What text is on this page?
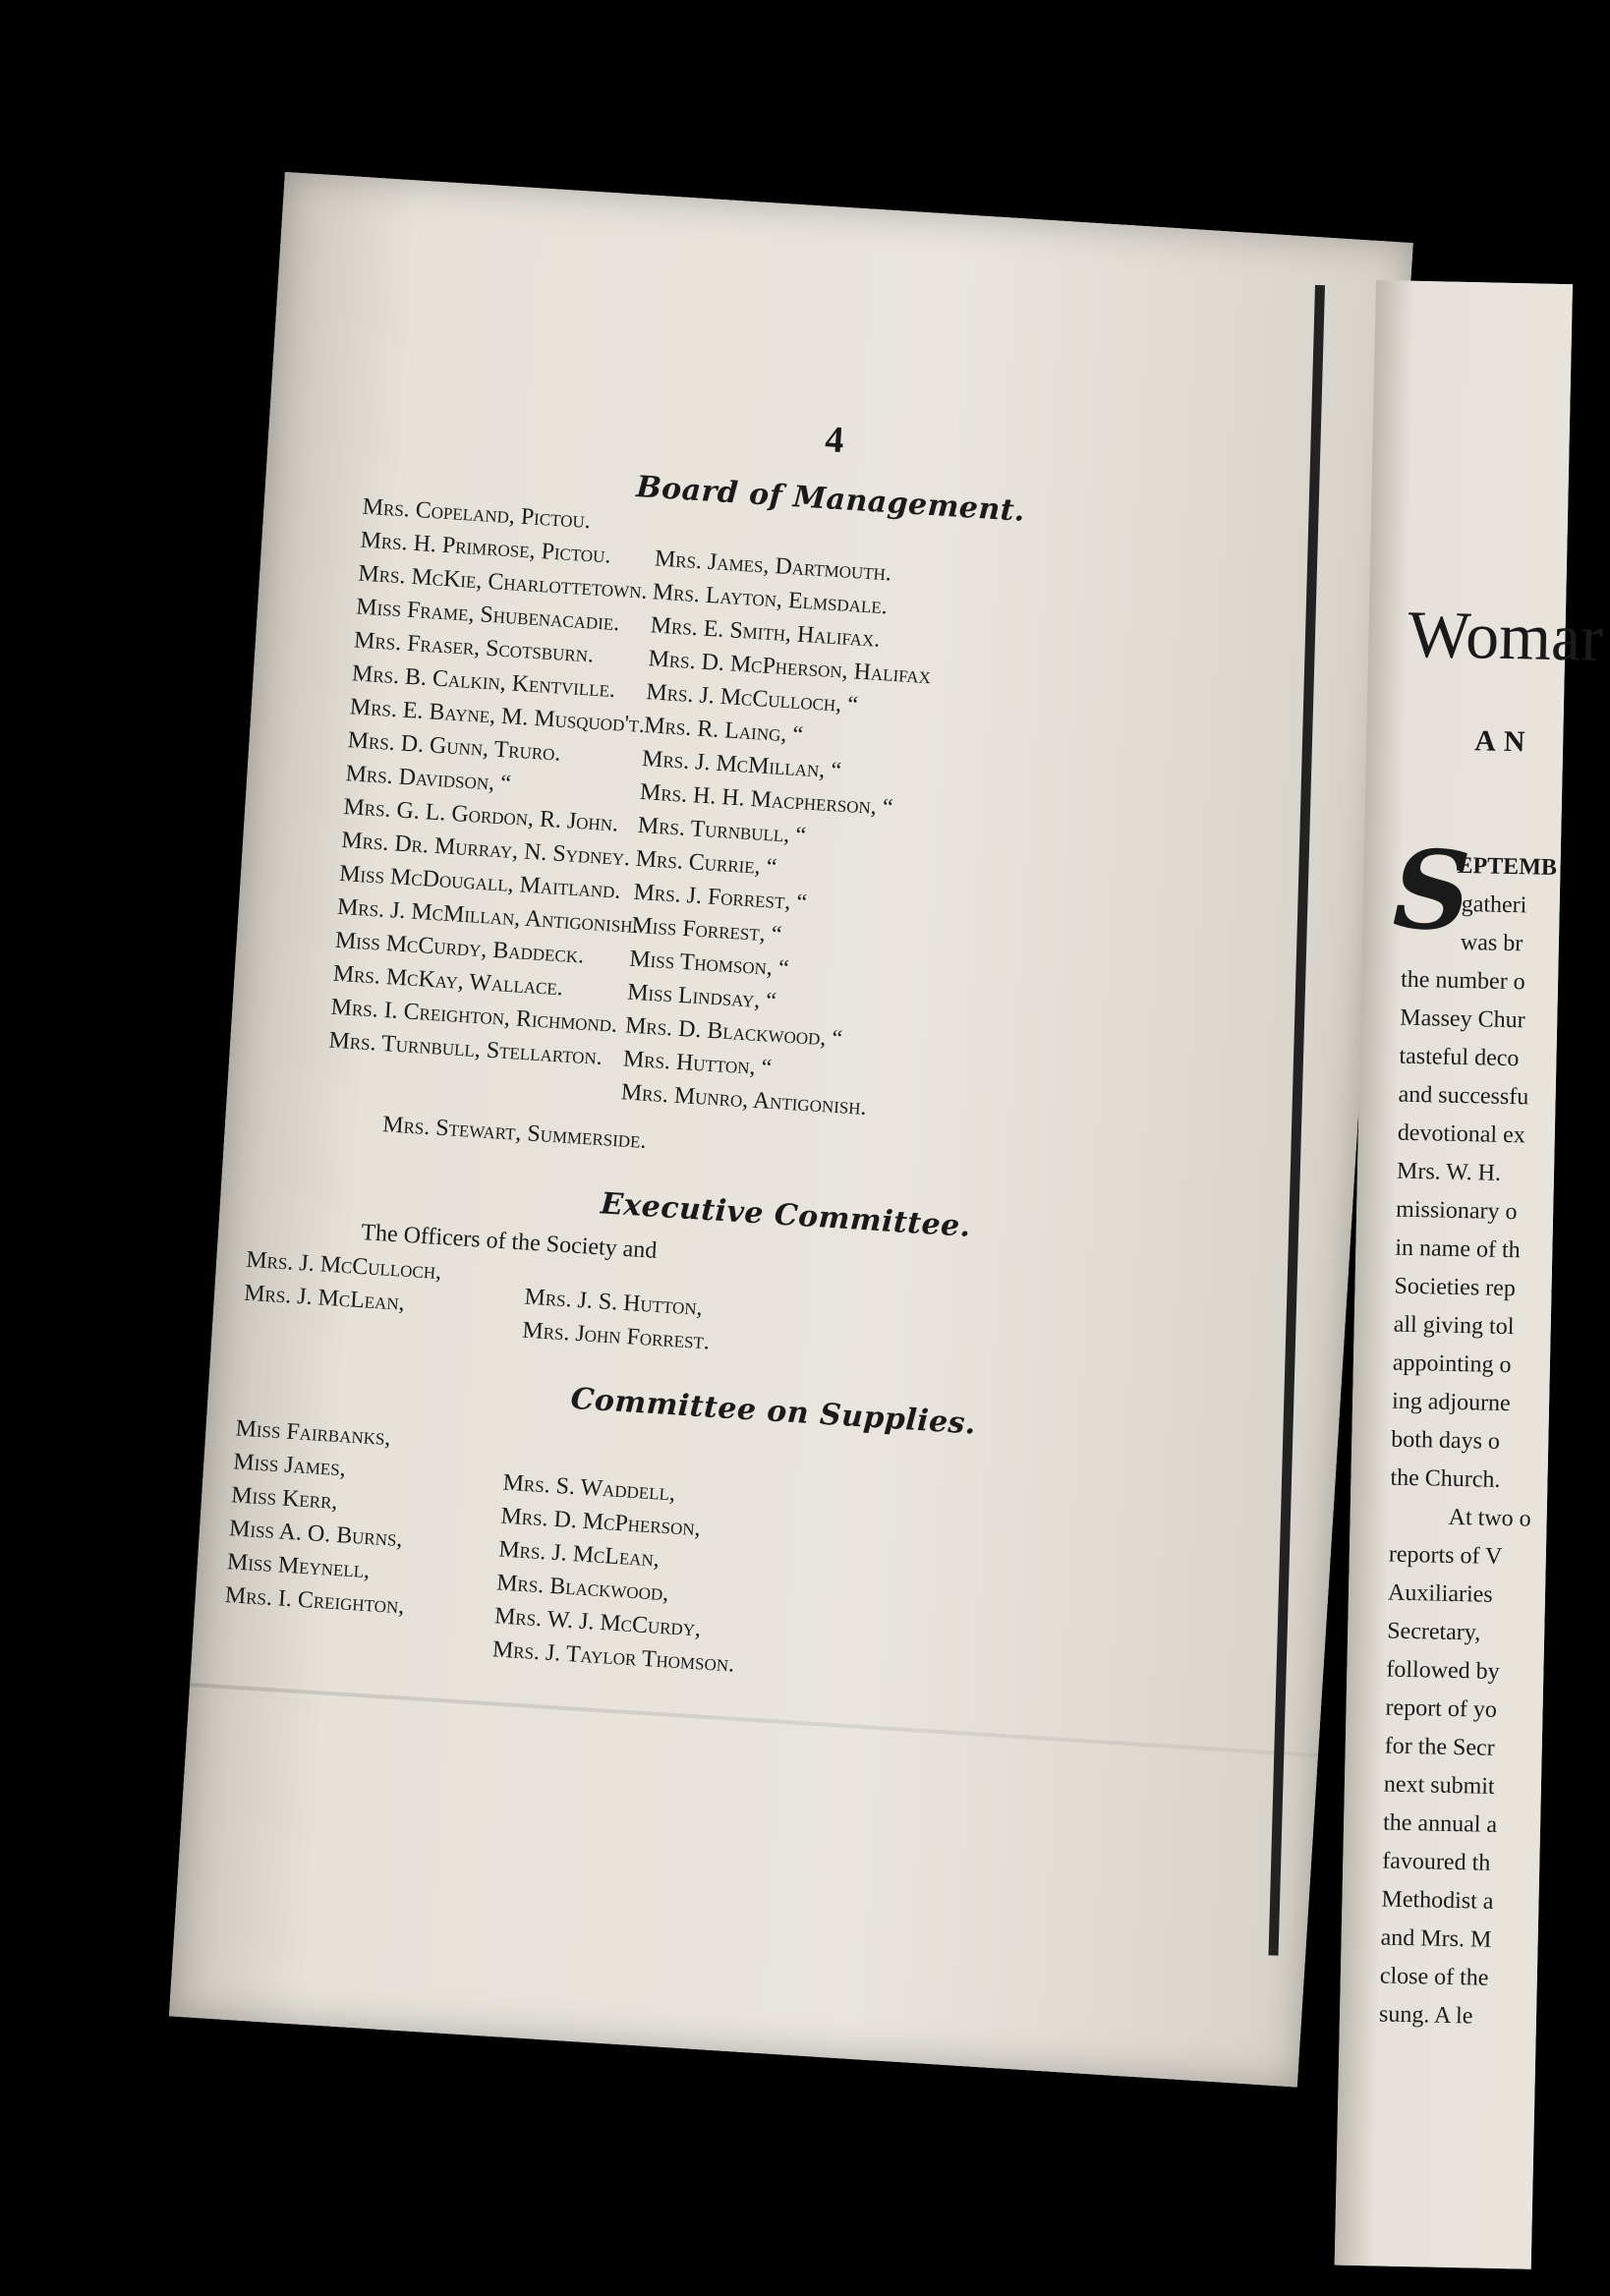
4
Board of Management.
Mrs. Copeland, Pictou.
Mrs. H. Primrose, Pictou.
Mrs. McKie, Charlottetown.
Miss Frame, Shubenacadie.
Mrs. Fraser, Scotsburn.
Mrs. B. Calkin, Kentville.
Mrs. E. Bayne, M. Musquod't.
Mrs. D. Gunn, Truro.
Mrs. Davidson, “
Mrs. G. L. Gordon, R. John.
Mrs. Dr. Murray, N. Sydney.
Miss McDougall, Maitland.
Mrs. J. McMillan, Antigonish.
Miss McCurdy, Baddeck.
Mrs. McKay, Wallace.
Mrs. I. Creighton, Richmond.
Mrs. Turnbull, Stellarton.
Mrs. James, Dartmouth.
Mrs. Layton, Elmsdale.
Mrs. E. Smith, Halifax.
Mrs. D. McPherson, Halifax
Mrs. J. McCulloch, “
Mrs. R. Laing, “
Mrs. J. McMillan, “
Mrs. H. H. Macpherson, “
Mrs. Turnbull, “
Mrs. Currie, “
Mrs. J. Forrest, “
Miss Forrest, “
Miss Thomson, “
Miss Lindsay, “
Mrs. D. Blackwood, “
Mrs. Hutton, “
Mrs. Munro, Antigonish.
Mrs. Stewart, Summerside.
Executive Committee.
The Officers of the Society and
Mrs. J. McCulloch,
Mrs. J. McLean,	Mrs. J. S. Hutton,
Mrs. John Forrest.
Committee on Supplies.
Miss Fairbanks,
Miss James,
Miss Kerr,
Miss A. O. Burns,
Miss Meynell,
Mrs. I. Creighton,
Mrs. S. Waddell,
Mrs. D. McPherson,
Mrs. J. McLean,
Mrs. Blackwood,
Mrs. W. J. McCurdy,
Mrs. J. Taylor Thomson.
Womar
AN
S
EPTEMB
gatheri
was br
the number o
Massey Chur
tasteful deco
and successfu
devotional ex
Mrs. W. H.
missionary o
in name of th
Societies rep
all giving tol
appointing o
ing adjourne
both days o
the Church.
At two o
reports of V
Auxiliaries
Secretary,
followed by
report of yo
for the Secr
next submit
the annual a
favoured th
Methodist a
and Mrs. M
close of the
sung. A le
